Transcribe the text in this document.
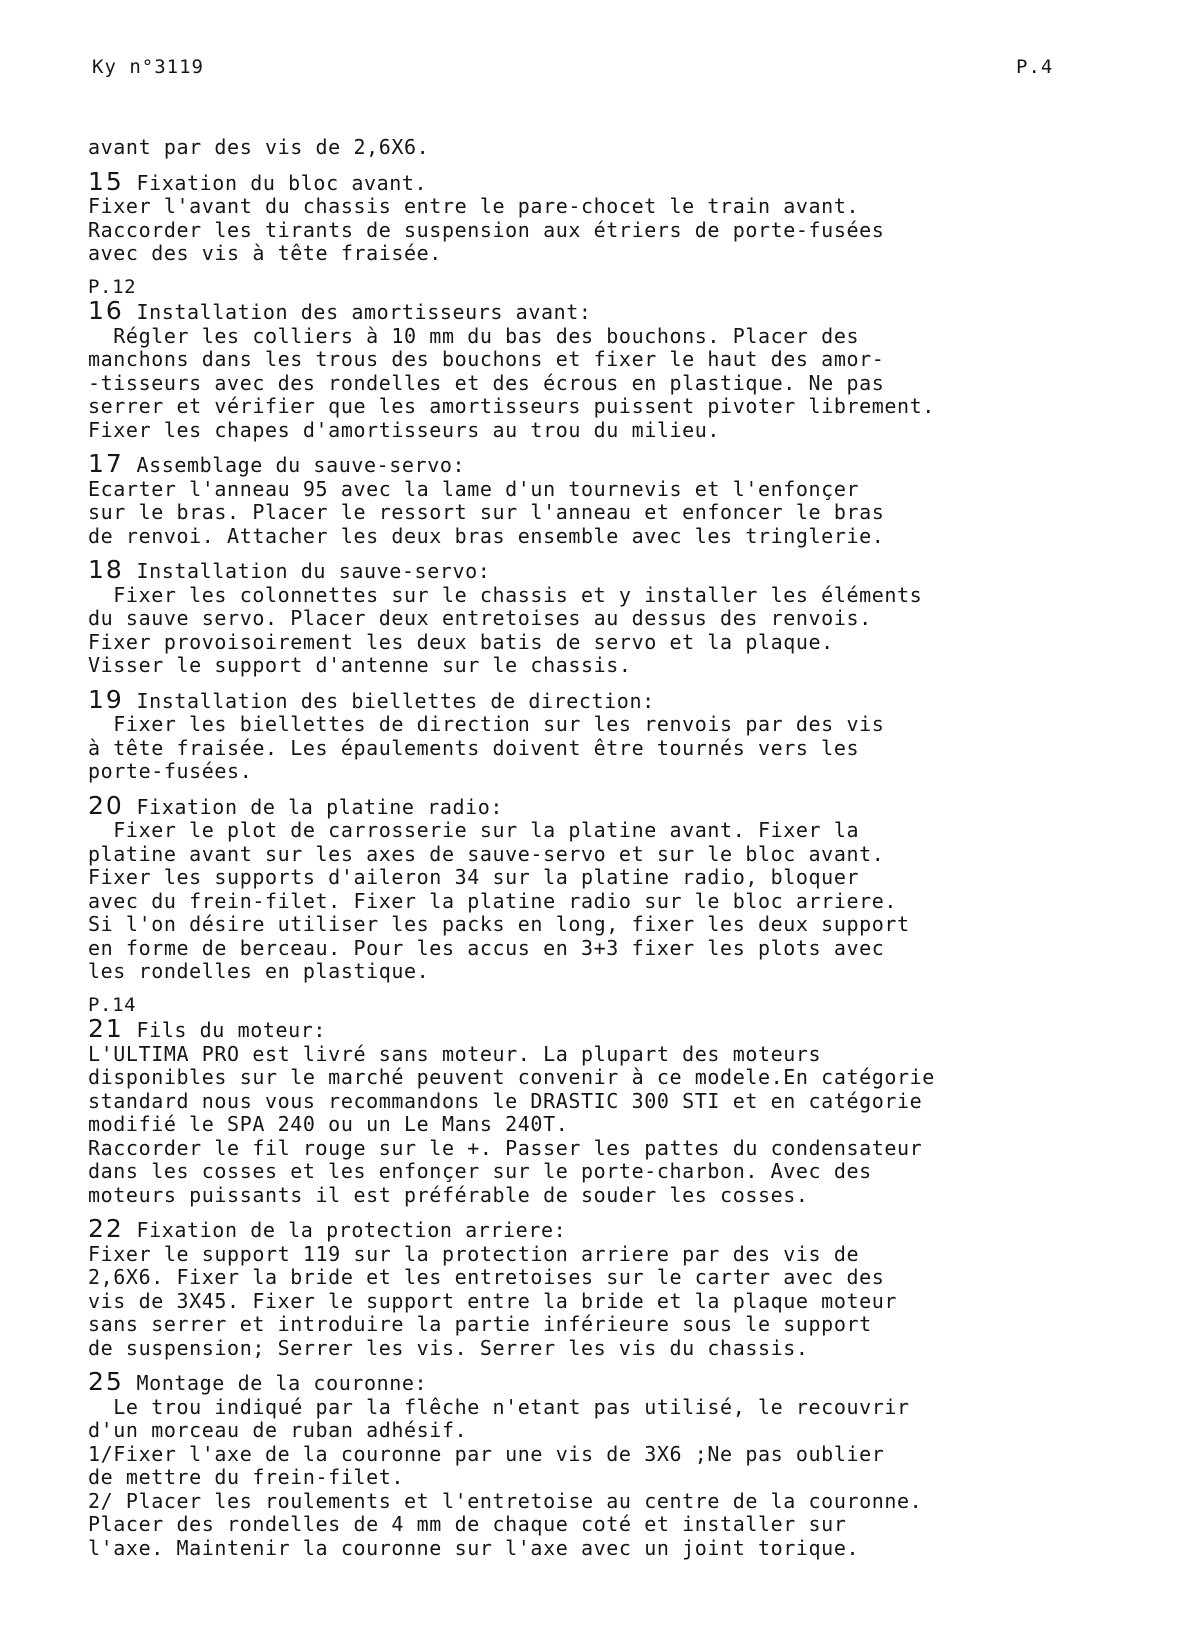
Ky n°3119	P.4
avant par des vis de 2,6X6.
15 Fixation du bloc avant.
Fixer l'avant du chassis entre le pare-chocet le train avant.
Raccorder les tirants de suspension aux étriers de porte-fusées
avec des vis à tête fraisée.
P.12
16 Installation des amortisseurs avant:
Régler les colliers à 10 mm du bas des bouchons. Placer des
manchons dans les trous des bouchons et fixer le haut des amor-
-tisseurs avec des rondelles et des écrous en plastique. Ne pas
serrer et vérifier que les amortisseurs puissent pivoter librement.
Fixer les chapes d'amortisseurs au trou du milieu.
17 Assemblage du sauve-servo:
Ecarter l'anneau 95 avec la lame d'un tournevis et l'enfonçer
sur le bras. Placer le ressort sur l'anneau et enfoncer le bras
de renvoi. Attacher les deux bras ensemble avec les tringlerie.
18 Installation du sauve-servo:
Fixer les colonnettes sur le chassis et y installer les éléments
du sauve servo. Placer deux entretoises au dessus des renvois.
Fixer provoisoirement les deux batis de servo et la plaque.
Visser le support d'antenne sur le chassis.
19 Installation des biellettes de direction:
Fixer les biellettes de direction sur les renvois par des vis
à tête fraisée. Les épaulements doivent être tournés vers les
porte-fusées.
20 Fixation de la platine radio:
Fixer le plot de carrosserie sur la platine avant. Fixer la
platine avant sur les axes de sauve-servo et sur le bloc avant.
Fixer les supports d'aileron 34 sur la platine radio, bloquer
avec du frein-filet. Fixer la platine radio sur le bloc arriere.
Si l'on désire utiliser les packs en long, fixer les deux support
en forme de berceau. Pour les accus en 3+3 fixer les plots avec
les rondelles en plastique.
P.14
21 Fils du moteur:
L'ULTIMA PRO est livré sans moteur. La plupart des moteurs
disponibles sur le marché peuvent convenir à ce modele.En catégorie
standard nous vous recommandons le DRASTIC 300 STI et en catégorie
modifié le SPA 240 ou un Le Mans 240T.
Raccorder le fil rouge sur le +. Passer les pattes du condensateur
dans les cosses et les enfonçer sur le porte-charbon. Avec des
moteurs puissants il est préférable de souder les cosses.
22 Fixation de la protection arriere:
Fixer le support 119 sur la protection arriere par des vis de
2,6X6. Fixer la bride et les entretoises sur le carter avec des
vis de 3X45. Fixer le support entre la bride et la plaque moteur
sans serrer et introduire la partie inférieure sous le support
de suspension; Serrer les vis. Serrer les vis du chassis.
25 Montage de la couronne:
Le trou indiqué par la flêche n'etant pas utilisé, le recouvrir
d'un morceau de ruban adhésif.
1/Fixer l'axe de la couronne par une vis de 3X6 ;Ne pas oublier
de mettre du frein-filet.
2/ Placer les roulements et l'entretoise au centre de la couronne.
Placer des rondelles de 4 mm de chaque coté et installer sur
l'axe. Maintenir la couronne sur l'axe avec un joint torique.
